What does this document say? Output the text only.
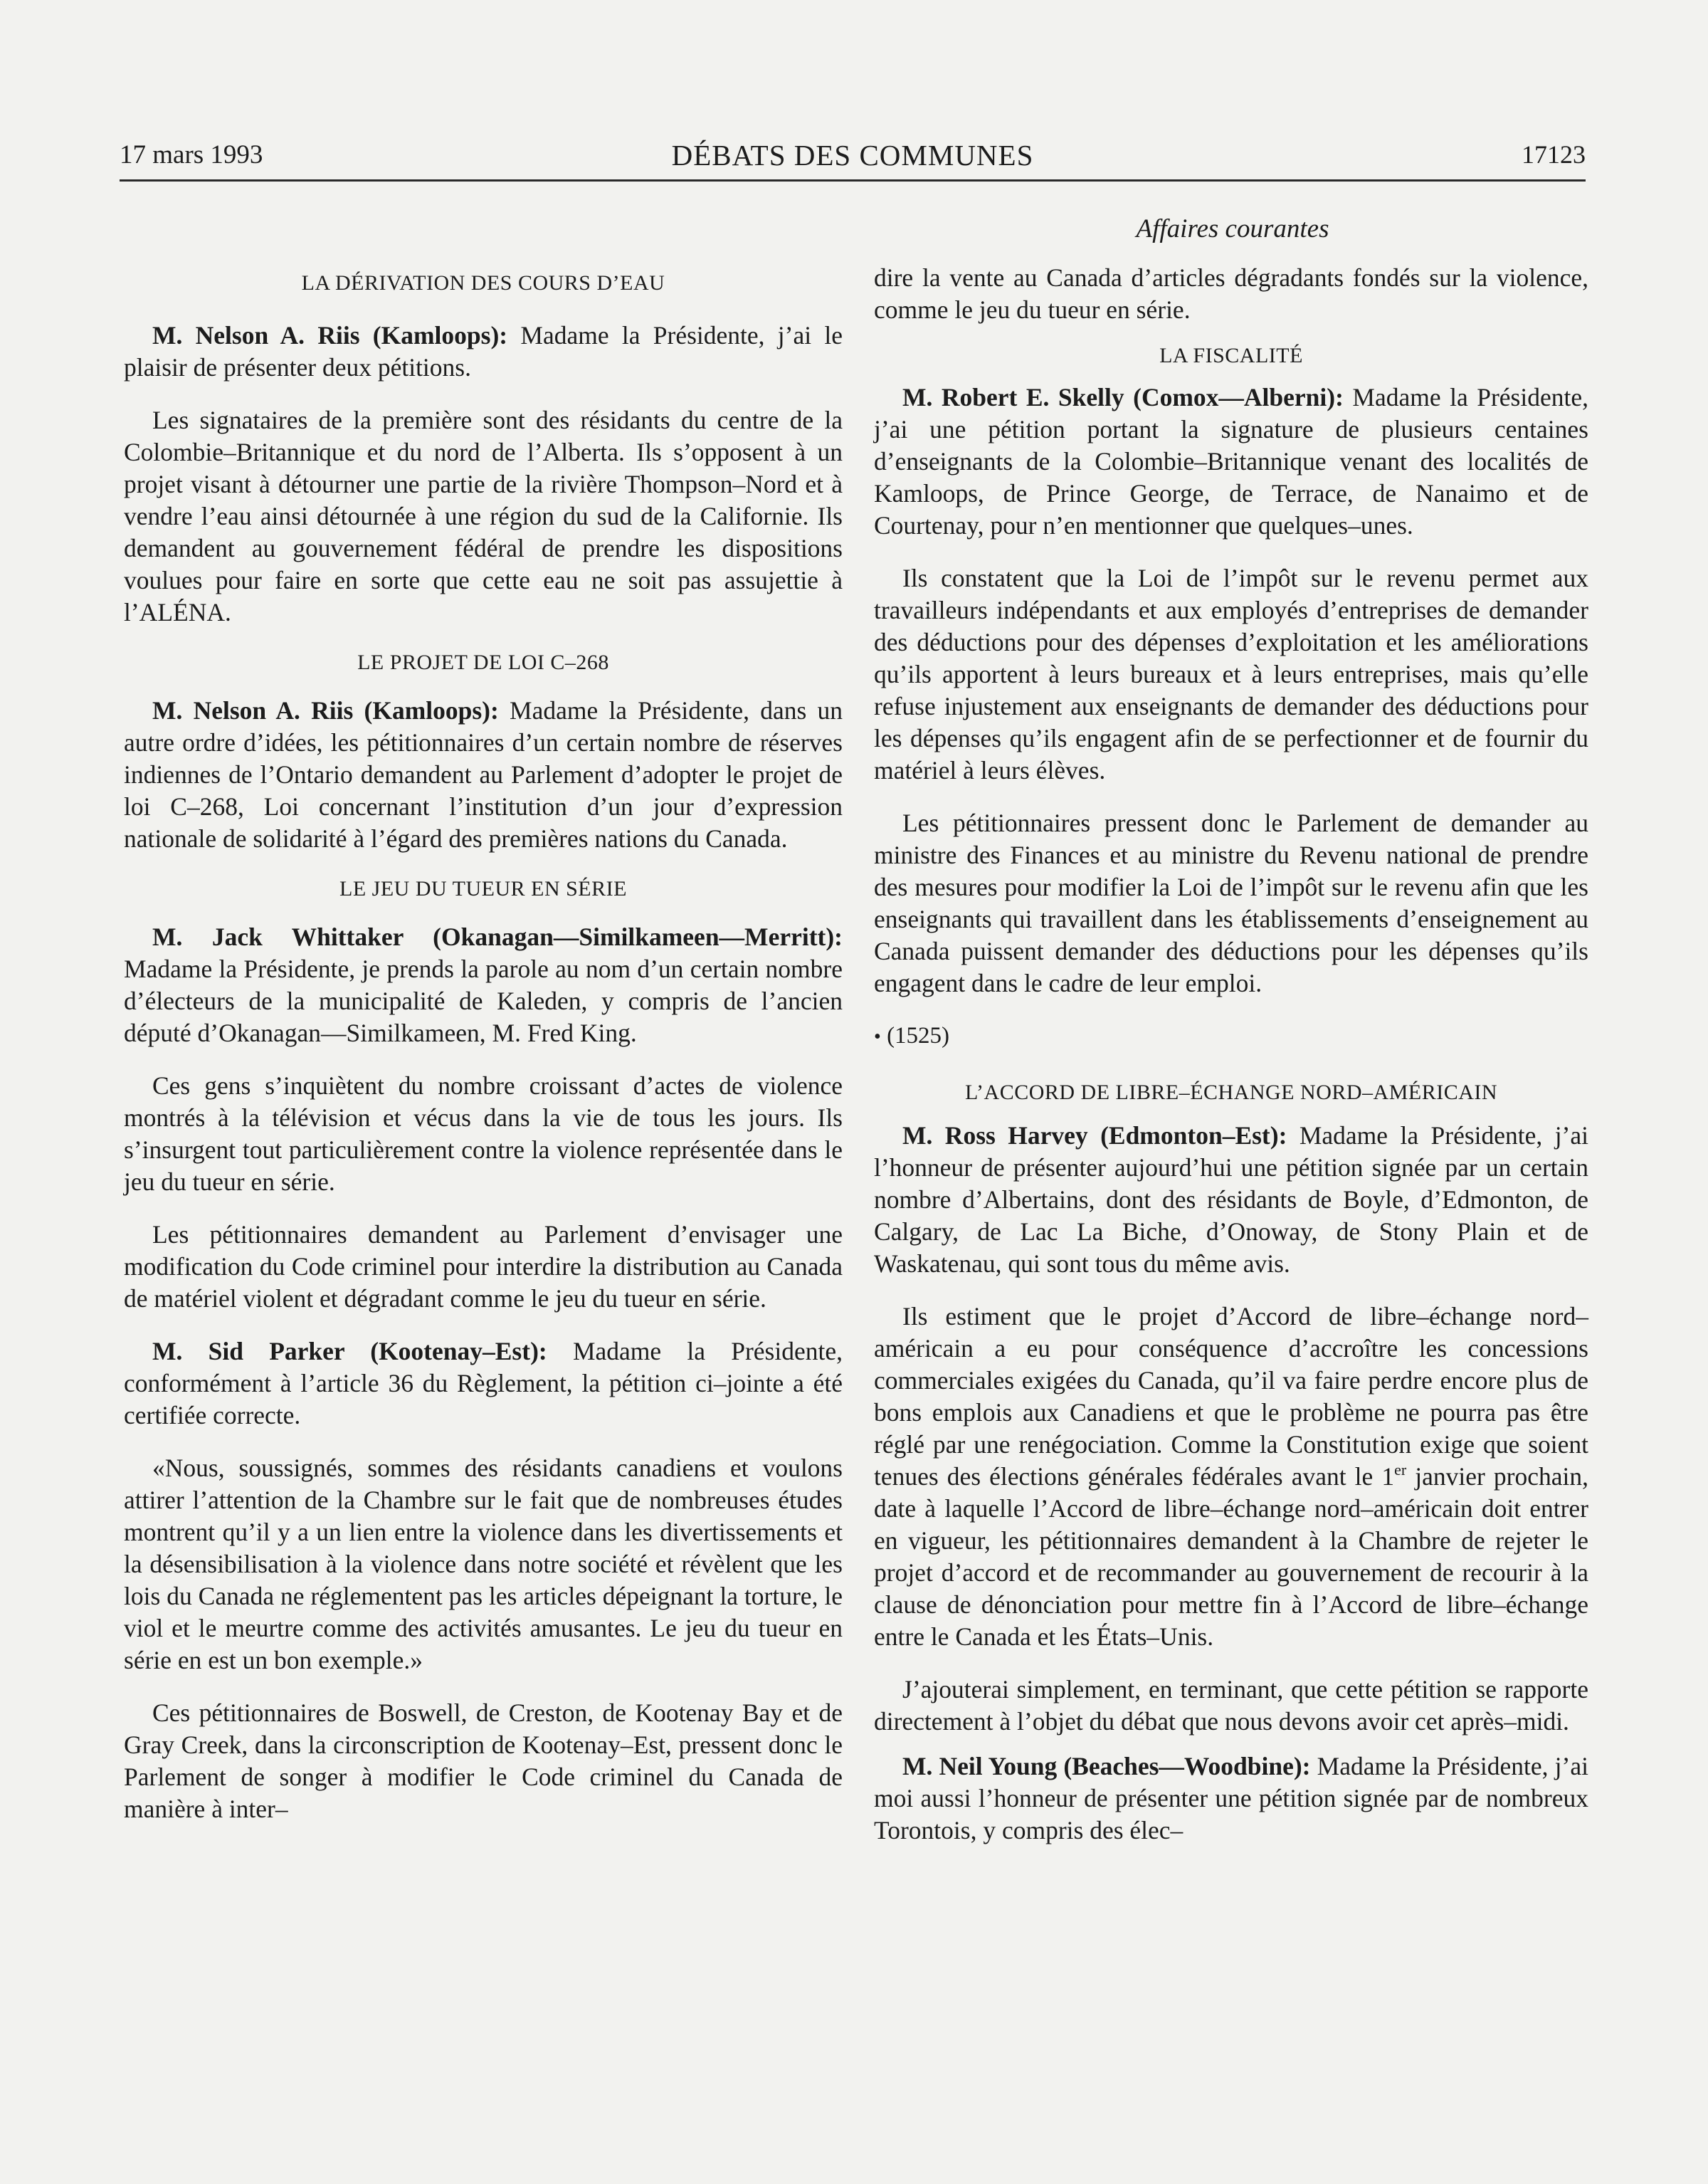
17 mars 1993	DÉBATS DES COMMUNES	17123
Affaires courantes

LA DÉRIVATION DES COURS D’EAU

M. Nelson A. Riis (Kamloops): Madame la Présidente, j’ai le plaisir de présenter deux pétitions.

Les signataires de la première sont des résidants du centre de la Colombie–Britannique et du nord de l’Alberta. Ils s’opposent à un projet visant à détourner une partie de la rivière Thompson–Nord et à vendre l’eau ainsi détournée à une région du sud de la Californie. Ils demandent au gouvernement fédéral de prendre les dispositions voulues pour faire en sorte que cette eau ne soit pas assujettie à l’ALÉNA.

LE PROJET DE LOI C–268

M. Nelson A. Riis (Kamloops): Madame la Présidente, dans un autre ordre d’idées, les pétitionnaires d’un certain nombre de réserves indiennes de l’Ontario demandent au Parlement d’adopter le projet de loi C–268, Loi concernant l’institution d’un jour d’expression nationale de solidarité à l’égard des premières nations du Canada.

LE JEU DU TUEUR EN SÉRIE

M. Jack Whittaker (Okanagan—Similkameen—Merritt): Madame la Présidente, je prends la parole au nom d’un certain nombre d’électeurs de la municipalité de Kaleden, y compris de l’ancien député d’Okanagan—Similkameen, M. Fred King.

Ces gens s’inquiètent du nombre croissant d’actes de violence montrés à la télévision et vécus dans la vie de tous les jours. Ils s’insurgent tout particulièrement contre la violence représentée dans le jeu du tueur en série.

Les pétitionnaires demandent au Parlement d’envisager une modification du Code criminel pour interdire la distribution au Canada de matériel violent et dégradant comme le jeu du tueur en série.

M. Sid Parker (Kootenay–Est): Madame la Présidente, conformément à l’article 36 du Règlement, la pétition ci–jointe a été certifiée correcte.

«Nous, soussignés, sommes des résidants canadiens et voulons attirer l’attention de la Chambre sur le fait que de nombreuses études montrent qu’il y a un lien entre la violence dans les divertissements et la désensibilisation à la violence dans notre société et révèlent que les lois du Canada ne réglementent pas les articles dépeignant la torture, le viol et le meurtre comme des activités amusantes. Le jeu du tueur en série en est un bon exemple.»

Ces pétitionnaires de Boswell, de Creston, de Kootenay Bay et de Gray Creek, dans la circonscription de Kootenay–Est, pressent donc le Parlement de songer à modifier le Code criminel du Canada de manière à inter–

dire la vente au Canada d’articles dégradants fondés sur la violence, comme le jeu du tueur en série.

LA FISCALITÉ

M. Robert E. Skelly (Comox—Alberni): Madame la Présidente, j’ai une pétition portant la signature de plusieurs centaines d’enseignants de la Colombie–Britannique venant des localités de Kamloops, de Prince George, de Terrace, de Nanaimo et de Courtenay, pour n’en mentionner que quelques–unes.

Ils constatent que la Loi de l’impôt sur le revenu permet aux travailleurs indépendants et aux employés d’entreprises de demander des déductions pour des dépenses d’exploitation et les améliorations qu’ils apportent à leurs bureaux et à leurs entreprises, mais qu’elle refuse injustement aux enseignants de demander des déductions pour les dépenses qu’ils engagent afin de se perfectionner et de fournir du matériel à leurs élèves.

Les pétitionnaires pressent donc le Parlement de demander au ministre des Finances et au ministre du Revenu national de prendre des mesures pour modifier la Loi de l’impôt sur le revenu afin que les enseignants qui travaillent dans les établissements d’enseignement au Canada puissent demander des déductions pour les dépenses qu’ils engagent dans le cadre de leur emploi.

• (1525)

L’ACCORD DE LIBRE–ÉCHANGE NORD–AMÉRICAIN

M. Ross Harvey (Edmonton–Est): Madame la Présidente, j’ai l’honneur de présenter aujourd’hui une pétition signée par un certain nombre d’Albertains, dont des résidants de Boyle, d’Edmonton, de Calgary, de Lac La Biche, d’Onoway, de Stony Plain et de Waskatenau, qui sont tous du même avis.

Ils estiment que le projet d’Accord de libre–échange nord–américain a eu pour conséquence d’accroître les concessions commerciales exigées du Canada, qu’il va faire perdre encore plus de bons emplois aux Canadiens et que le problème ne pourra pas être réglé par une renégociation. Comme la Constitution exige que soient tenues des élections générales fédérales avant le 1er janvier prochain, date à laquelle l’Accord de libre–échange nord–américain doit entrer en vigueur, les pétitionnaires demandent à la Chambre de rejeter le projet d’accord et de recommander au gouvernement de recourir à la clause de dénonciation pour mettre fin à l’Accord de libre–échange entre le Canada et les États–Unis.

J’ajouterai simplement, en terminant, que cette pétition se rapporte directement à l’objet du débat que nous devons avoir cet après–midi.

M. Neil Young (Beaches—Woodbine): Madame la Présidente, j’ai moi aussi l’honneur de présenter une pétition signée par de nombreux Torontois, y compris des élec–
